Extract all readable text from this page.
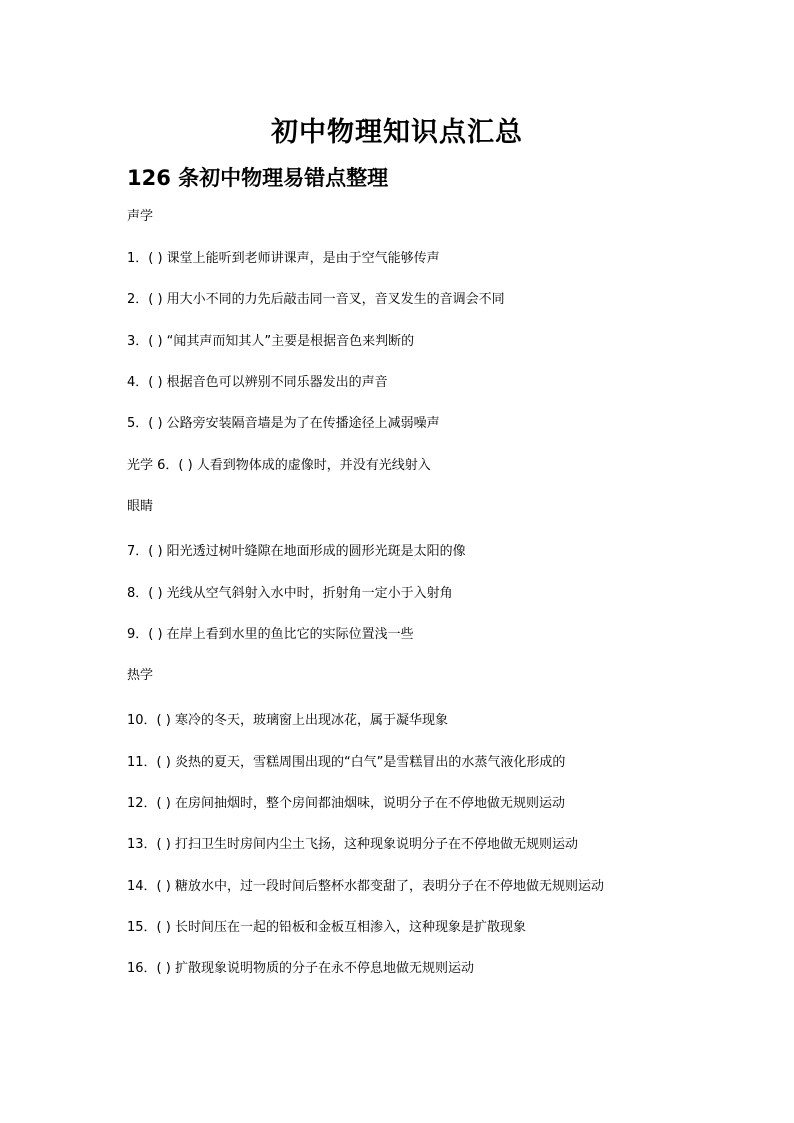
初中物理知识点汇总
126 条初中物理易错点整理

声学

1．( ) 课堂上能听到老师讲课声，是由于空气能够传声

2．( ) 用大小不同的力先后敲击同一音叉，音叉发生的音调会不同

3．( ) “闻其声而知其人”主要是根据音色来判断的

4．( ) 根据音色可以辨别不同乐器发出的声音

5．( ) 公路旁安装隔音墙是为了在传播途径上减弱噪声

光学 6．( ) 人看到物体成的虚像时，并没有光线射入

眼睛

7．( ) 阳光透过树叶缝隙在地面形成的圆形光斑是太阳的像

8．( ) 光线从空气斜射入水中时，折射角一定小于入射角

9．( ) 在岸上看到水里的鱼比它的实际位置浅一些

热学

10．( ) 寒冷的冬天，玻璃窗上出现冰花，属于凝华现象

11．( ) 炎热的夏天，雪糕周围出现的“白气”是雪糕冒出的水蒸气液化形成的

12．( ) 在房间抽烟时，整个房间都油烟味，说明分子在不停地做无规则运动

13．( ) 打扫卫生时房间内尘土飞扬，这种现象说明分子在不停地做无规则运动

14．( ) 糖放水中，过一段时间后整杯水都变甜了，表明分子在不停地做无规则运动

15．( ) 长时间压在一起的铅板和金板互相渗入，这种现象是扩散现象

16．( ) 扩散现象说明物质的分子在永不停息地做无规则运动
